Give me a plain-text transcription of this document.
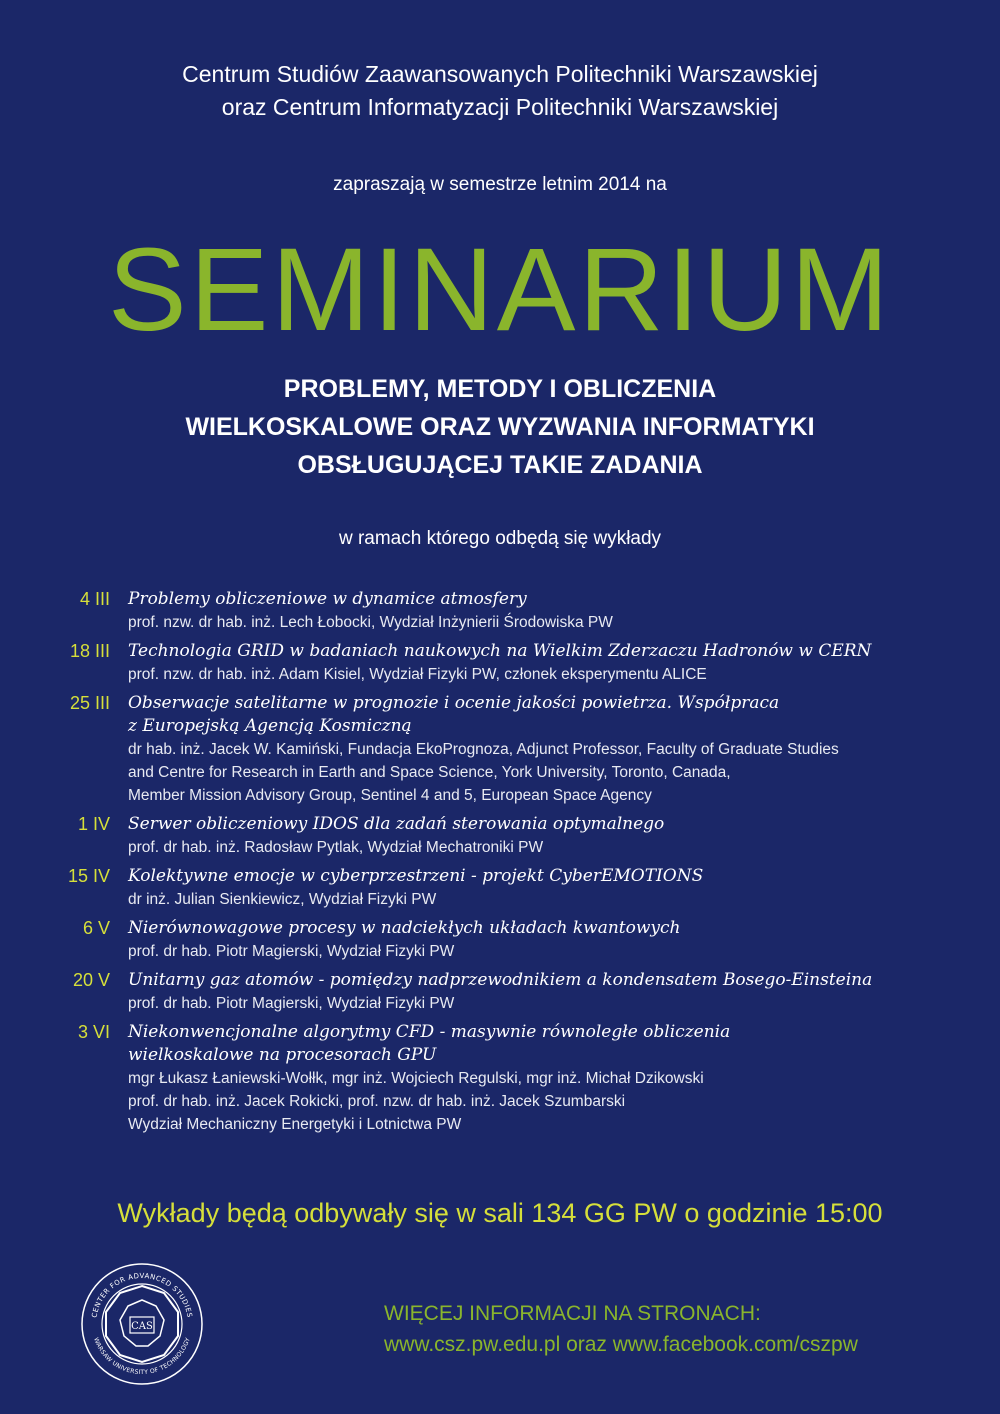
Centrum Studiów Zaawansowanych Politechniki Warszawskiej
oraz Centrum Informatyzacji Politechniki Warszawskiej
zapraszają w semestrze letnim 2014 na
SEMINARIUM
PROBLEMY, METODY I OBLICZENIA
WIELKOSKALOWE ORAZ WYZWANIA INFORMATYKI
OBSŁUGUJĄCEJ TAKIE ZADANIA
w ramach którego odbędą się wykłady
4 III Problemy obliczeniowe w dynamice atmosfery
prof. nzw. dr hab. inż. Lech Łobocki, Wydział Inżynierii Środowiska PW
18 III Technologia GRID w badaniach naukowych na Wielkim Zderzaczu Hadronów w CERN
prof. nzw. dr hab. inż. Adam Kisiel, Wydział Fizyki PW, członek eksperymentu ALICE
25 III Obserwacje satelitarne w prognozie i ocenie jakości powietrza. Współpraca
z Europejską Agencją Kosmiczną
dr hab. inż. Jacek W. Kamiński, Fundacja EkoPrognoza, Adjunct Professor, Faculty of Graduate Studies
and Centre for Research in Earth and Space Science, York University, Toronto, Canada,
Member Mission Advisory Group, Sentinel 4 and 5, European Space Agency
1 IV Serwer obliczeniowy IDOS dla zadań sterowania optymalnego
prof. dr hab. inż. Radosław Pytlak, Wydział Mechatroniki PW
15 IV Kolektywne emocje w cyberprzestrzeni - projekt CyberEMOTIONS
dr inż. Julian Sienkiewicz, Wydział Fizyki PW
6 V Nierównowagowe procesy w nadciekłych układach kwantowych
prof. dr hab. Piotr Magierski, Wydział Fizyki PW
20 V Unitarny gaz atomów - pomiędzy nadprzewodnikiem a kondensatem Bosego-Einsteina
prof. dr hab. Piotr Magierski, Wydział Fizyki PW
3 VI Niekonwencjonalne algorytmy CFD - masywnie równoległe obliczenia
wielkoskalowe na procesorach GPU
mgr Łukasz Łaniewski-Wołłk, mgr inż. Wojciech Regulski, mgr inż. Michał Dzikowski
prof. dr hab. inż. Jacek Rokicki, prof. nzw. dr hab. inż. Jacek Szumbarski
Wydział Mechaniczny Energetyki i Lotnictwa PW
Wykłady będą odbywały się w sali 134 GG PW o godzinie 15:00
CAS
CENTER FOR ADVANCED STUDIES
WARSAW UNIVERSITY OF TECHNOLOGY
WIĘCEJ INFORMACJI NA STRONACH:
www.csz.pw.edu.pl oraz www.facebook.com/cszpw
